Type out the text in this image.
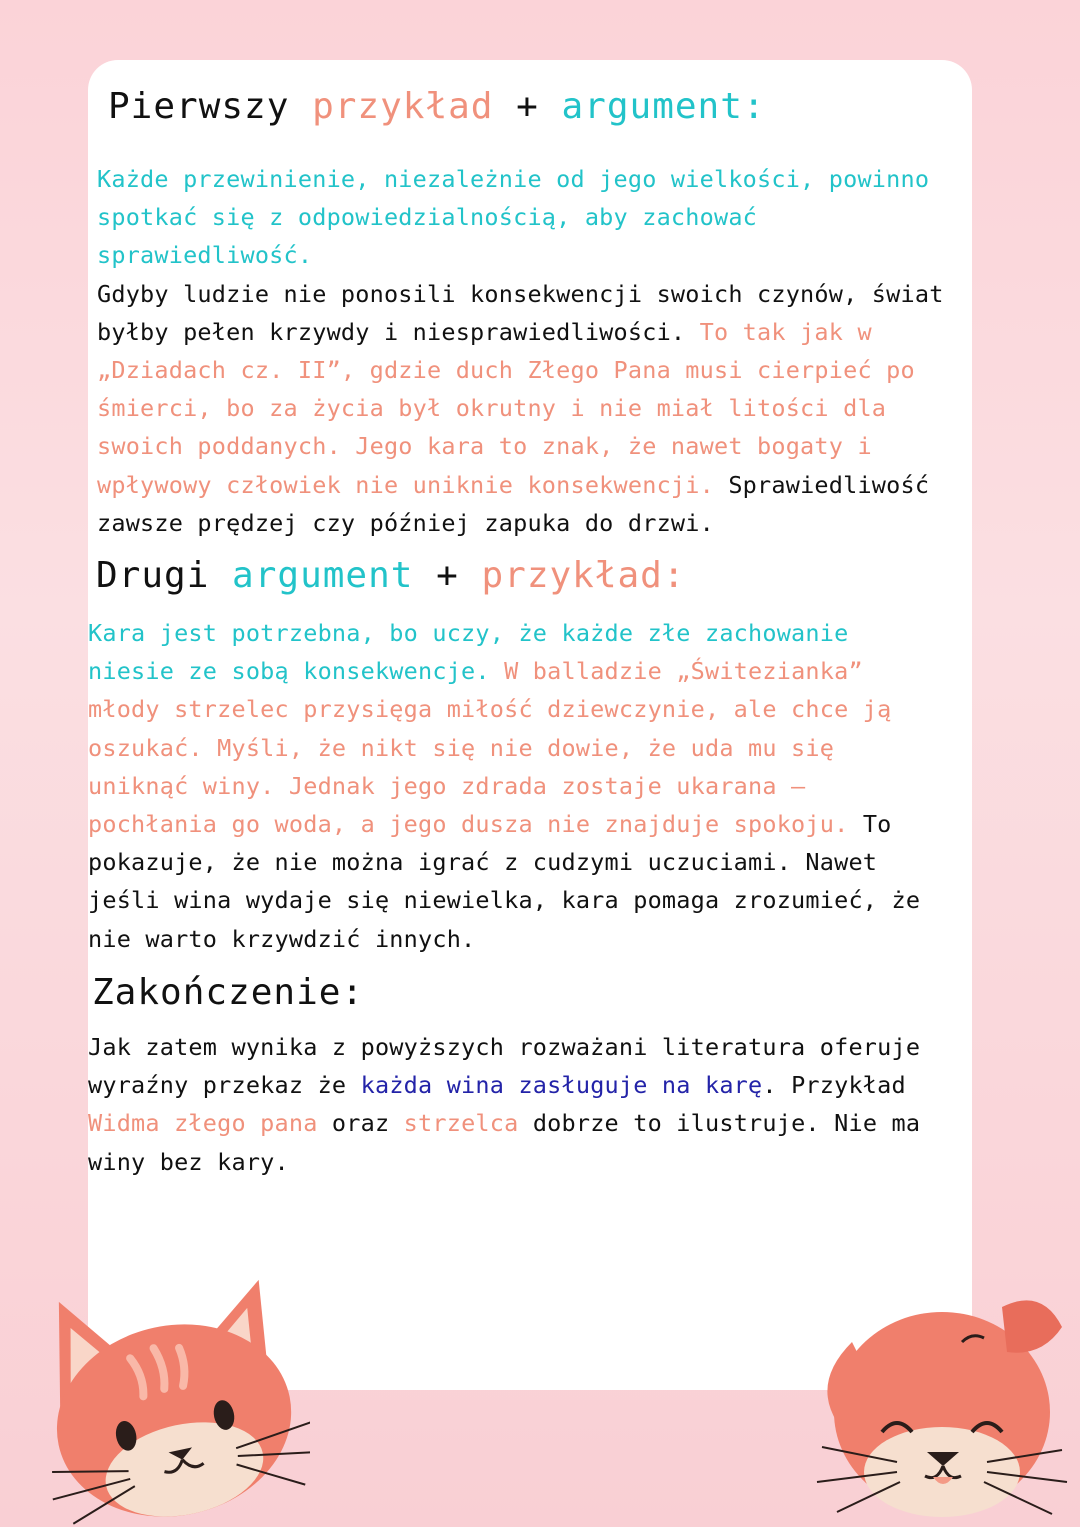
Pierwszy przykład + argument:
Każde przewinienie, niezależnie od jego wielkości, powinno
spotkać się z odpowiedzialnością, aby zachować
sprawiedliwość.
Gdyby ludzie nie ponosili konsekwencji swoich czynów, świat
byłby pełen krzywdy i niesprawiedliwości. To tak jak w
„Dziadach cz. II”, gdzie duch Złego Pana musi cierpieć po
śmierci, bo za życia był okrutny i nie miał litości dla
swoich poddanych. Jego kara to znak, że nawet bogaty i
wpływowy człowiek nie uniknie konsekwencji. Sprawiedliwość
zawsze prędzej czy później zapuka do drzwi.
Drugi argument + przykład:
Kara jest potrzebna, bo uczy, że każde złe zachowanie
niesie ze sobą konsekwencje. W balladzie „Świtezianka”
młody strzelec przysięga miłość dziewczynie, ale chce ją
oszukać. Myśli, że nikt się nie dowie, że uda mu się
uniknąć winy. Jednak jego zdrada zostaje ukarana –
pochłania go woda, a jego dusza nie znajduje spokoju. To
pokazuje, że nie można igrać z cudzymi uczuciami. Nawet
jeśli wina wydaje się niewielka, kara pomaga zrozumieć, że
nie warto krzywdzić innych.
Zakończenie:
Jak zatem wynika z powyższych rozważani literatura oferuje
wyraźny przekaz że każda wina zasługuje na karę. Przykład
Widma złego pana oraz strzelca dobrze to ilustruje. Nie ma
winy bez kary.
